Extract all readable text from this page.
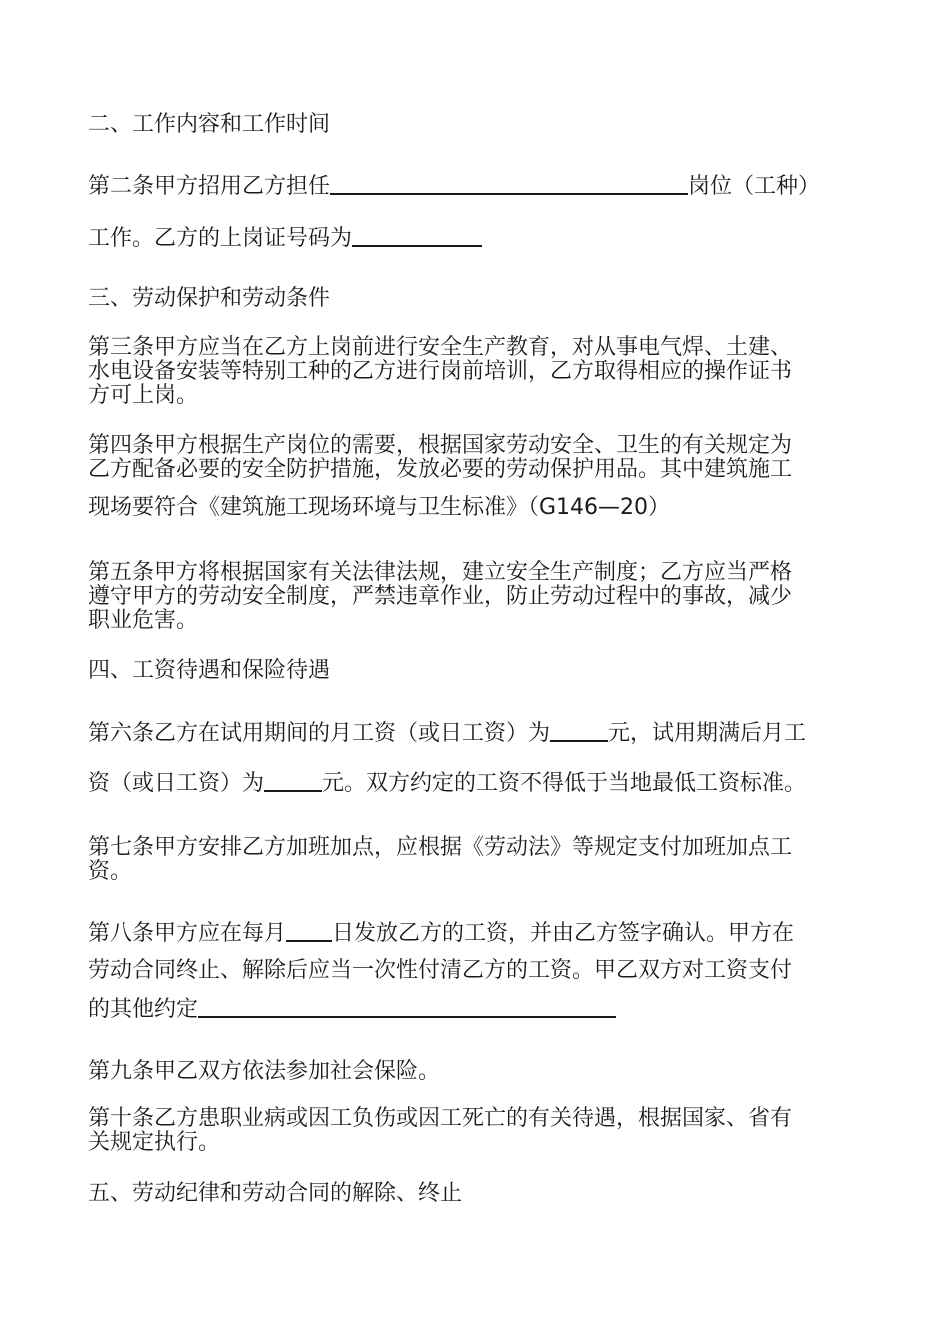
二、工作内容和工作时间

第二条甲方招用乙方担任	岗位（工种）

工作。乙方的上岗证号码为

三、劳动保护和劳动条件

第三条甲方应当在乙方上岗前进行安全生产教育，对从事电气焊、土建、
水电设备安装等特别工种的乙方进行岗前培训，乙方取得相应的操作证书
方可上岗。
第四条甲方根据生产岗位的需要，根据国家劳动安全、卫生的有关规定为
乙方配备必要的安全防护措施，发放必要的劳动保护用品。其中建筑施工
现场要符合《建筑施工现场环境与卫生标准》（G146—20）
第五条甲方将根据国家有关法律法规，建立安全生产制度；乙方应当严格
遵守甲方的劳动安全制度，严禁违章作业，防止劳动过程中的事故，减少
职业危害。

四、工资待遇和保险待遇

第六条乙方在试用期间的月工资（或日工资）为	元，试用期满后月工

资（或日工资）为	元。双方约定的工资不得低于当地最低工资标准。

第七条甲方安排乙方加班加点，应根据《劳动法》等规定支付加班加点工
资。

第八条甲方应在每月 日发放乙方的工资，并由乙方签字确认。甲方在

劳动合同终止、解除后应当一次性付清乙方的工资。甲乙双方对工资支付

的其他约定

第九条甲乙双方依法参加社会保险。

第十条乙方患职业病或因工负伤或因工死亡的有关待遇，根据国家、省有
关规定执行。

五、劳动纪律和劳动合同的解除、终止
